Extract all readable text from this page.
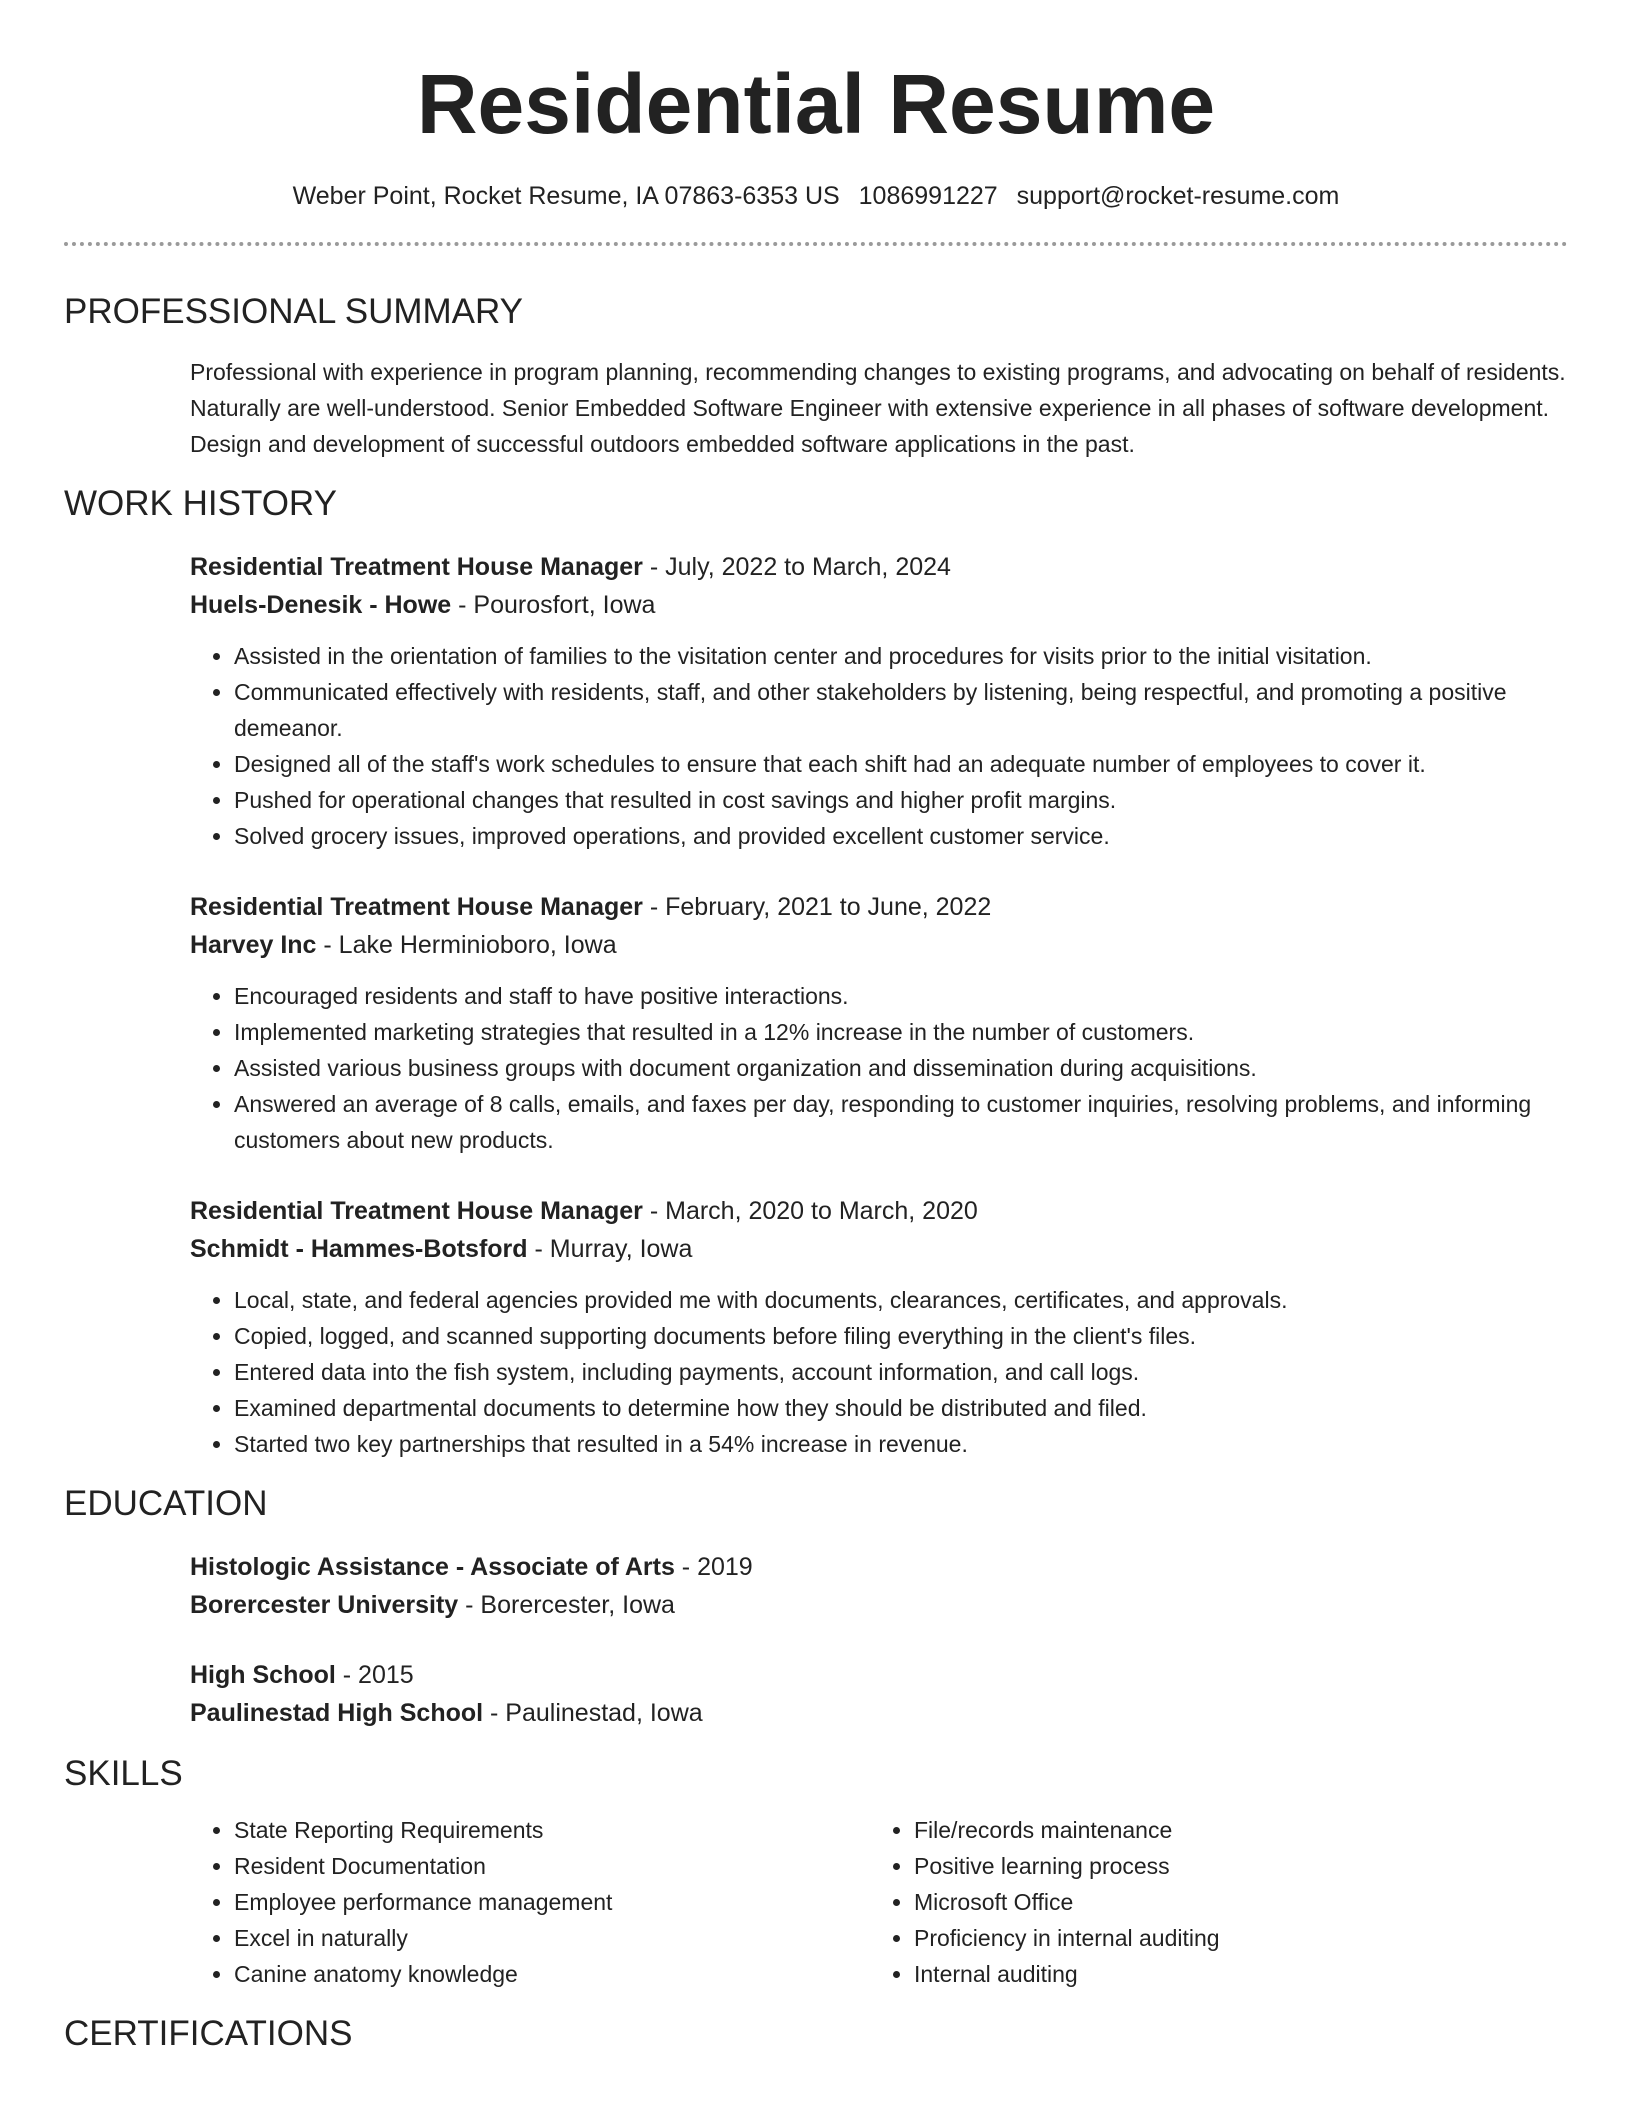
Residential Resume
Weber Point, Rocket Resume, IA 07863-6353 US 1086991227 support@rocket-resume.com
PROFESSIONAL SUMMARY
Professional with experience in program planning, recommending changes to existing programs, and advocating on behalf of residents. Naturally are well-understood. Senior Embedded Software Engineer with extensive experience in all phases of software development. Design and development of successful outdoors embedded software applications in the past.
WORK HISTORY
Residential Treatment House Manager - July, 2022 to March, 2024
Huels-Denesik - Howe - Pourosfort, Iowa
• Assisted in the orientation of families to the visitation center and procedures for visits prior to the initial visitation.
• Communicated effectively with residents, staff, and other stakeholders by listening, being respectful, and promoting a positive demeanor.
• Designed all of the staff's work schedules to ensure that each shift had an adequate number of employees to cover it.
• Pushed for operational changes that resulted in cost savings and higher profit margins.
• Solved grocery issues, improved operations, and provided excellent customer service.
Residential Treatment House Manager - February, 2021 to June, 2022
Harvey Inc - Lake Herminioboro, Iowa
• Encouraged residents and staff to have positive interactions.
• Implemented marketing strategies that resulted in a 12% increase in the number of customers.
• Assisted various business groups with document organization and dissemination during acquisitions.
• Answered an average of 8 calls, emails, and faxes per day, responding to customer inquiries, resolving problems, and informing customers about new products.
Residential Treatment House Manager - March, 2020 to March, 2020
Schmidt - Hammes-Botsford - Murray, Iowa
• Local, state, and federal agencies provided me with documents, clearances, certificates, and approvals.
• Copied, logged, and scanned supporting documents before filing everything in the client's files.
• Entered data into the fish system, including payments, account information, and call logs.
• Examined departmental documents to determine how they should be distributed and filed.
• Started two key partnerships that resulted in a 54% increase in revenue.
EDUCATION
Histologic Assistance - Associate of Arts - 2019
Borercester University - Borercester, Iowa
High School - 2015
Paulinestad High School - Paulinestad, Iowa
SKILLS
• State Reporting Requirements
• Resident Documentation
• Employee performance management
• Excel in naturally
• Canine anatomy knowledge
• File/records maintenance
• Positive learning process
• Microsoft Office
• Proficiency in internal auditing
• Internal auditing
CERTIFICATIONS
